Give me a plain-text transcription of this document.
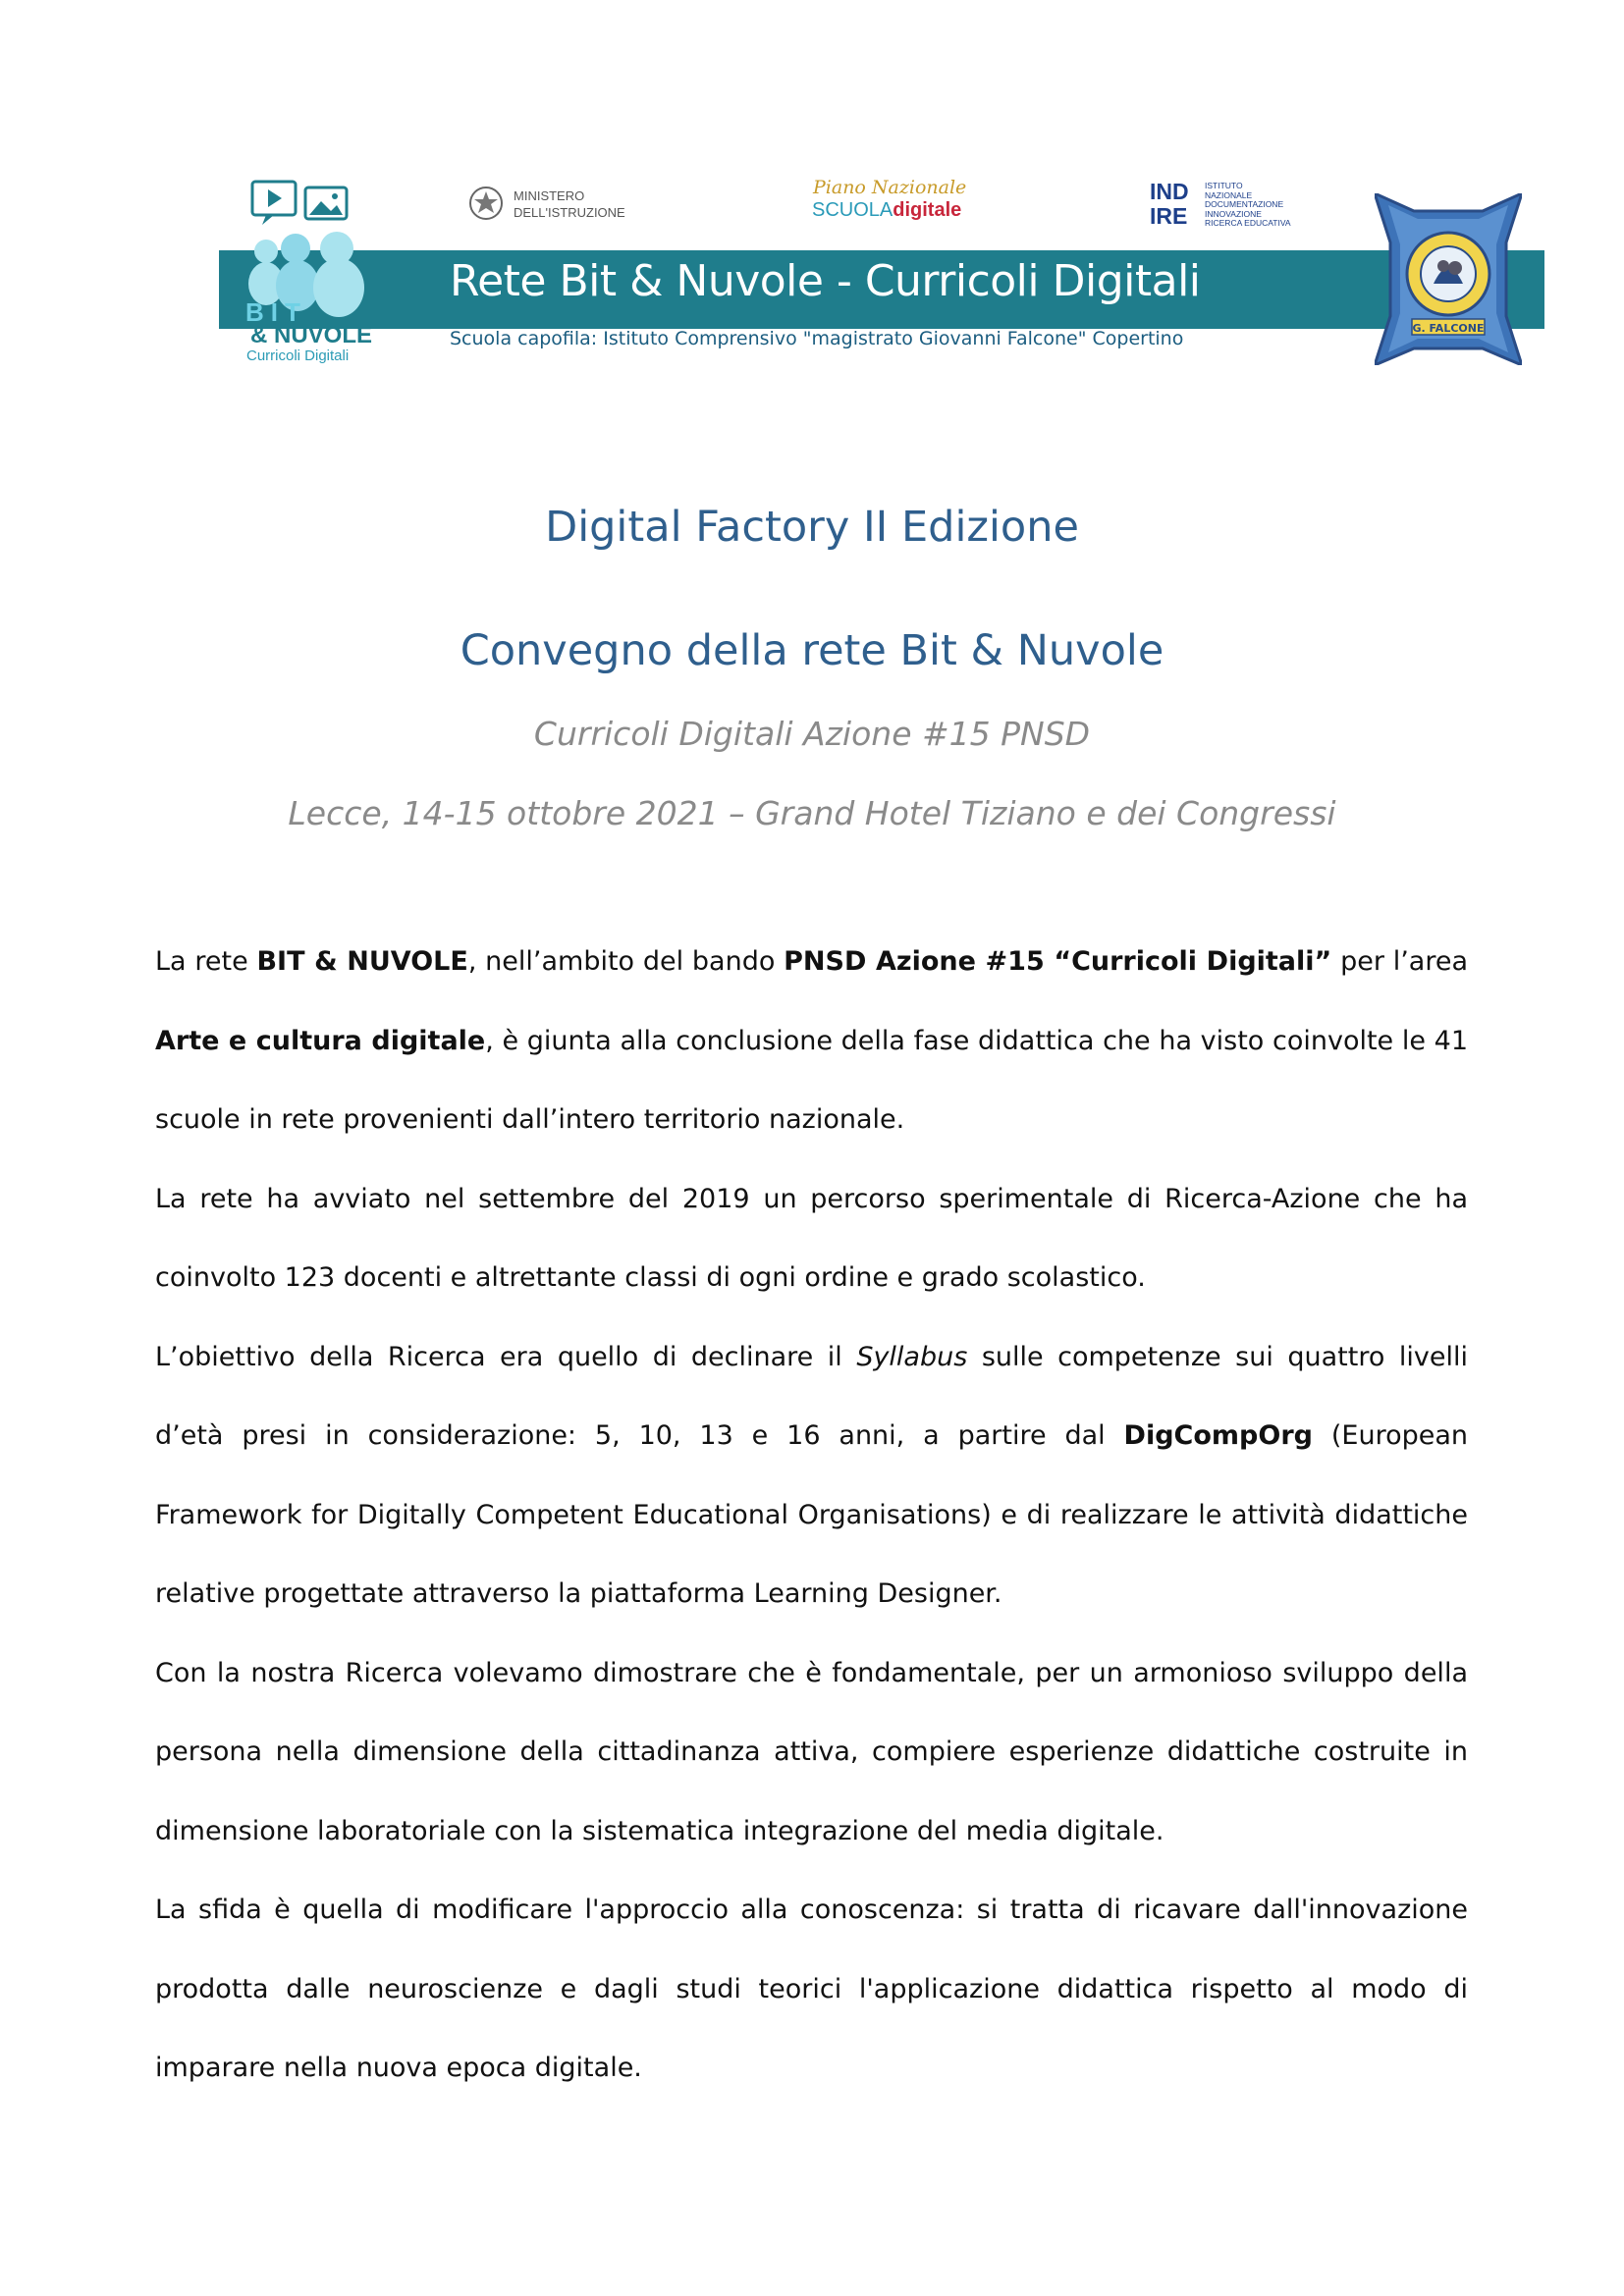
BIT
& NUVOLE
Curricoli Digitali
MINISTERO
DELL'ISTRUZIONE
Piano Nazionale
SCUOLAdigitale
IND
IRE
ISTITUTO
NAZIONALE
DOCUMENTAZIONE
INNOVAZIONE
RICERCA EDUCATIVA
G. FALCONE
Rete Bit & Nuvole - Curricoli Digitali
Scuola capofila: Istituto Comprensivo "magistrato Giovanni Falcone" Copertino
Digital Factory II Edizione
Convegno della rete Bit & Nuvole
Curricoli Digitali Azione #15 PNSD
Lecce, 14-15 ottobre 2021 – Grand Hotel Tiziano e dei Congressi

La rete BIT & NUVOLE, nell’ambito del bando PNSD Azione #15 “Curricoli Digitali” per l’area Arte e cultura digitale, è giunta alla conclusione della fase didattica che ha visto coinvolte le 41 scuole in rete provenienti dall’intero territorio nazionale.

La rete ha avviato nel settembre del 2019 un percorso sperimentale di Ricerca-Azione che ha coinvolto 123 docenti e altrettante classi di ogni ordine e grado scolastico.

L’obiettivo della Ricerca era quello di declinare il Syllabus sulle competenze sui quattro livelli d’età presi in considerazione: 5, 10, 13 e 16 anni, a partire dal DigCompOrg (European Framework for Digitally Competent Educational Organisations) e di realizzare le attività didattiche relative progettate attraverso la piattaforma Learning Designer.

Con la nostra Ricerca volevamo dimostrare che è fondamentale, per un armonioso sviluppo della persona nella dimensione della cittadinanza attiva, compiere esperienze didattiche costruite in dimensione laboratoriale con la sistematica integrazione del media digitale.

La sfida è quella di modificare l'approccio alla conoscenza: si tratta di ricavare dall'innovazione prodotta dalle neuroscienze e dagli studi teorici l'applicazione didattica rispetto al modo di imparare nella nuova epoca digitale.
